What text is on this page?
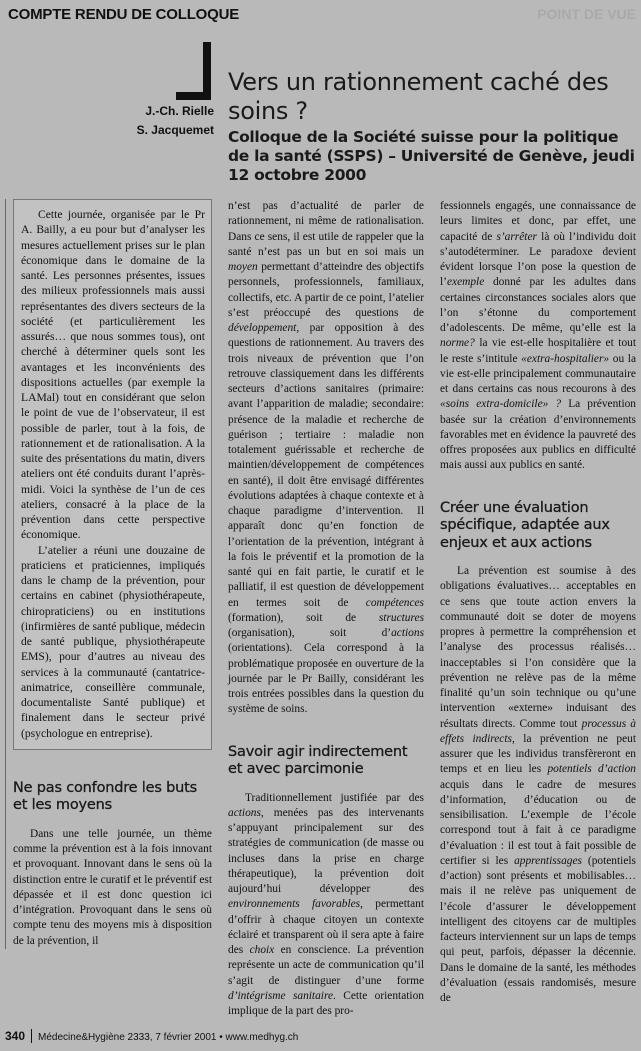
COMPTE RENDU DE COLLOQUE	POINT DE VUE
J.-Ch. Rielle
S. Jacquemet
Vers un rationnement caché des soins ?
Colloque de la Société suisse pour la politique de la santé (SSPS) – Université de Genève, jeudi 12 octobre 2000

Cette journée, organisée par le Pr A. Bailly, a eu pour but d’analyser les mesures actuellement prises sur le plan économique dans le domaine de la santé. Les personnes présentes, issues des milieux professionnels mais aussi représentantes des divers secteurs de la société (et particulièrement les assurés… que nous sommes tous), ont cherché à déterminer quels sont les avantages et les inconvénients des dispositions actuelles (par exemple la LAMal) tout en considérant que selon le point de vue de l’observateur, il est possible de parler, tout à la fois, de rationnement et de rationalisation. A la suite des présentations du matin, divers ateliers ont été conduits durant l’après-midi. Voici la synthèse de l’un de ces ateliers, consacré à la place de la prévention dans cette perspective économique.

L’atelier a réuni une douzaine de praticiens et praticiennes, impliqués dans le champ de la prévention, pour certains en cabinet (physiothérapeute, chiropraticiens) ou en institutions (infirmières de santé publique, médecin de santé publique, physiothérapeute EMS), pour d’autres au niveau des services à la communauté (cantatrice-animatrice, conseillère communale, documentaliste Santé publique) et finalement dans le secteur privé (psychologue en entreprise).

Ne pas confondre les buts et les moyens

Dans une telle journée, un thème comme la prévention est à la fois innovant et provoquant. Innovant dans le sens où la distinction entre le curatif et le préventif est dépassée et il est donc question ici d’intégration. Provoquant dans le sens où compte tenu des moyens mis à disposition de la prévention, il

n’est pas d’actualité de parler de rationnement, ni même de rationalisation. Dans ce sens, il est utile de rappeler que la santé n’est pas un but en soi mais un moyen permettant d’atteindre des objectifs personnels, professionnels, familiaux, collectifs, etc. A partir de ce point, l’atelier s’est préoccupé des questions de développement, par opposition à des questions de rationnement. Au travers des trois niveaux de prévention que l’on retrouve classiquement dans les différents secteurs d’actions sanitaires (primaire: avant l’apparition de maladie; secondaire: présence de la maladie et recherche de guérison ; tertiaire : maladie non totalement guérissable et recherche de maintien/développement de compétences en santé), il doit être envisagé différentes évolutions adaptées à chaque contexte et à chaque paradigme d’intervention. Il apparaît donc qu’en fonction de l’orientation de la prévention, intégrant à la fois le préventif et la promotion de la santé qui en fait partie, le curatif et le palliatif, il est question de développement en termes soit de compétences (formation), soit de structures (organisation), soit d’actions (orientations). Cela correspond à la problématique proposée en ouverture de la journée par le Pr Bailly, considérant les trois entrées possibles dans la question du système de soins.

Savoir agir indirectement et avec parcimonie

Traditionnellement justifiée par des actions, menées pas des intervenants s’appuyant principalement sur des stratégies de communication (de masse ou incluses dans la prise en charge thérapeutique), la prévention doit aujourd’hui développer des environnements favorables, permettant d’offrir à chaque citoyen un contexte éclairé et transparent où il sera apte à faire des choix en conscience. La prévention représente un acte de communication qu’il s’agit de distinguer d’une forme d’intégrisme sanitaire. Cette orientation implique de la part des pro-

fessionnels engagés, une connaissance de leurs limites et donc, par effet, une capacité de s’arrêter là où l’individu doit s’autodéterminer. Le paradoxe devient évident lorsque l’on pose la question de l’exemple donné par les adultes dans certaines circonstances sociales alors que l’on s’étonne du comportement d’adolescents. De même, qu’elle est la norme? la vie est-elle hospitalière et tout le reste s’intitule «extra-hospitalier» ou la vie est-elle principalement communautaire et dans certains cas nous recourons à des «soins extra-domicile» ? La prévention basée sur la création d’environnements favorables met en évidence la pauvreté des offres proposées aux publics en difficulté mais aussi aux publics en santé.

Créer une évaluation spécifique, adaptée aux enjeux et aux actions

La prévention est soumise à des obligations évaluatives… acceptables en ce sens que toute action envers la communauté doit se doter de moyens propres à permettre la compréhension et l’analyse des processus réalisés… inacceptables si l’on considère que la prévention ne relève pas de la même finalité qu’un soin technique ou qu’une intervention «externe» induisant des résultats directs. Comme tout processus à effets indirects, la prévention ne peut assurer que les individus transfèreront en temps et en lieu les potentiels d’action acquis dans le cadre de mesures d’information, d’éducation ou de sensibilisation. L’exemple de l’école correspond tout à fait à ce paradigme d’évaluation : il est tout à fait possible de certifier si les apprentissages (potentiels d’action) sont présents et mobilisables… mais il ne relève pas uniquement de l’école d’assurer le développement intelligent des citoyens car de multiples facteurs interviennent sur un laps de temps qui peut, parfois, dépasser la décennie. Dans le domaine de la santé, les méthodes d’évaluation (essais randomisés, mesure de

340 Médecine&Hygiène 2333, 7 février 2001 • www.medhyg.ch
